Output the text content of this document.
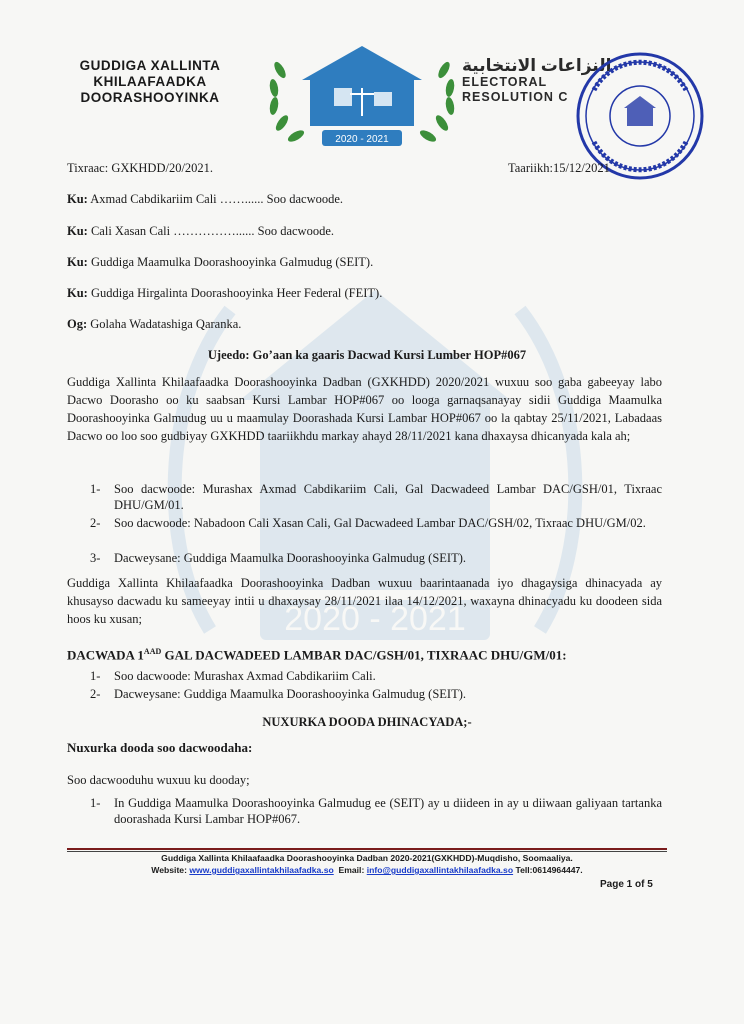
2020 - 2021
GUDDIGA XALLINTA
KHILAAFAADKA
DOORASHOOYINKA
2020 - 2021
النزاعات الانتخابية
ELECTORAL
RESOLUTION C
Tixraac: GXKHDD/20/2021.	Taariikh:15/12/2021
Ku: Axmad Cabdikariim Cali ……...... Soo dacwoode.
Ku: Cali Xasan Cali ……………...... Soo dacwoode.
Ku: Guddiga Maamulka Doorashooyinka Galmudug (SEIT).
Ku: Guddiga Hirgalinta Doorashooyinka Heer Federal (FEIT).
Og: Golaha Wadatashiga Qaranka.
Ujeedo: Go’aan ka gaaris Dacwad Kursi Lumber HOP#067
Guddiga Xallinta Khilaafaadka Doorashooyinka Dadban (GXKHDD) 2020/2021 wuxuu soo gaba gabeeyay labo Dacwo Doorasho oo ku saabsan Kursi Lambar HOP#067 oo looga garnaqsanayay sidii Guddiga Maamulka Doorashooyinka Galmudug uu u maamulay Doorashada Kursi Lambar HOP#067 oo la qabtay 25/11/2021, Labadaas Dacwo oo loo soo gudbiyay GXKHDD taariikhdu markay ahayd 28/11/2021 kana dhaxaysa dhicanyada kala ah;
1-	Soo dacwoode: Murashax Axmad Cabdikariim Cali, Gal Dacwadeed Lambar DAC/GSH/01, Tixraac DHU/GM/01.
2-	Soo dacwoode: Nabadoon Cali Xasan Cali, Gal Dacwadeed Lambar DAC/GSH/02, Tixraac DHU/GM/02.
3-	Dacweysane: Guddiga Maamulka Doorashooyinka Galmudug (SEIT).
Guddiga Xallinta Khilaafaadka Doorashooyinka Dadban wuxuu baarintaanada iyo dhagaysiga dhinacyada ay khusayso dacwadu ku sameeyay intii u dhaxaysay 28/11/2021 ilaa 14/12/2021, waxayna dhinacyadu ku doodeen sida hoos ku xusan;
DACWADA $1^{AAD}$ GAL DACWADEED LAMBAR DAC/GSH/01, TIXRAAC DHU/GM/01:
1-	Soo dacwoode: Murashax Axmad Cabdikariim Cali.
2-	Dacweysane: Guddiga Maamulka Doorashooyinka Galmudug (SEIT).
NUXURKA DOODA DHINACYADA;-
Nuxurka dooda soo dacwoodaha:
Soo dacwooduhu wuxuu ku dooday;
1-	In Guddiga Maamulka Doorashooyinka Galmudug ee (SEIT) ay u diideen in ay u diiwaan galiyaan tartanka doorashada Kursi Lambar HOP#067.
Guddiga Xallinta Khilaafaadka Doorashooyinka Dadban 2020-2021(GXKHDD)-Muqdisho, Soomaaliya.
Website: www.guddigaxallintakhilaafadka.so Email: info@guddigaxallintakhilaafadka.so Tell:0614964447.
Page 1 of 5
